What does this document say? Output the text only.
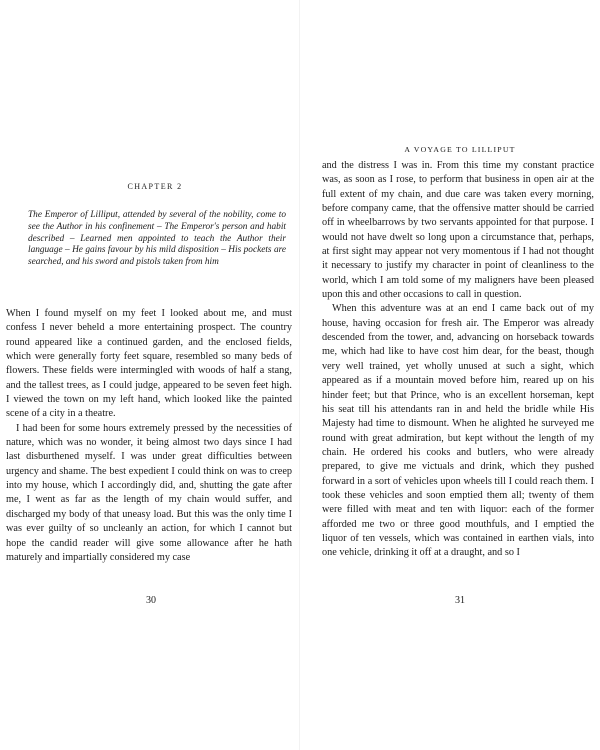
CHAPTER 2
The Emperor of Lilliput, attended by several of the nobility, come to see the Author in his confinement – The Emperor's person and habit described – Learned men appointed to teach the Author their language – He gains favour by his mild disposition – His pockets are searched, and his sword and pistols taken from him

When I found myself on my feet I looked about me, and must confess I never beheld a more entertaining prospect. The country round appeared like a continued garden, and the enclosed fields, which were generally forty feet square, resembled so many beds of flowers. These fields were intermingled with woods of half a stang, and the tallest trees, as I could judge, appeared to be seven feet high. I viewed the town on my left hand, which looked like the painted scene of a city in a theatre.

I had been for some hours extremely pressed by the necessities of nature, which was no wonder, it being almost two days since I had last disburthened myself. I was under great difficulties between urgency and shame. The best expedient I could think on was to creep into my house, which I accordingly did, and, shutting the gate after me, I went as far as the length of my chain would suffer, and discharged my body of that uneasy load. But this was the only time I was ever guilty of so uncleanly an action, for which I cannot but hope the candid reader will give some allowance after he hath maturely and impartially considered my case

30
A VOYAGE TO LILLIPUT

and the distress I was in. From this time my constant practice was, as soon as I rose, to perform that business in open air at the full extent of my chain, and due care was taken every morning, before company came, that the offensive matter should be carried off in wheelbarrows by two servants appointed for that purpose. I would not have dwelt so long upon a circumstance that, perhaps, at first sight may appear not very momentous if I had not thought it necessary to justify my character in point of cleanliness to the world, which I am told some of my maligners have been pleased upon this and other occasions to call in question.

When this adventure was at an end I came back out of my house, having occasion for fresh air. The Emperor was already descended from the tower, and, advancing on horseback towards me, which had like to have cost him dear, for the beast, though very well trained, yet wholly unused at such a sight, which appeared as if a mountain moved before him, reared up on his hinder feet; but that Prince, who is an excellent horseman, kept his seat till his attendants ran in and held the bridle while His Majesty had time to dismount. When he alighted he surveyed me round with great admiration, but kept without the length of my chain. He ordered his cooks and butlers, who were already prepared, to give me victuals and drink, which they pushed forward in a sort of vehicles upon wheels till I could reach them. I took these vehicles and soon emptied them all; twenty of them were filled with meat and ten with liquor: each of the former afforded me two or three good mouthfuls, and I emptied the liquor of ten vessels, which was contained in earthen vials, into one vehicle, drinking it off at a draught, and so I

31
